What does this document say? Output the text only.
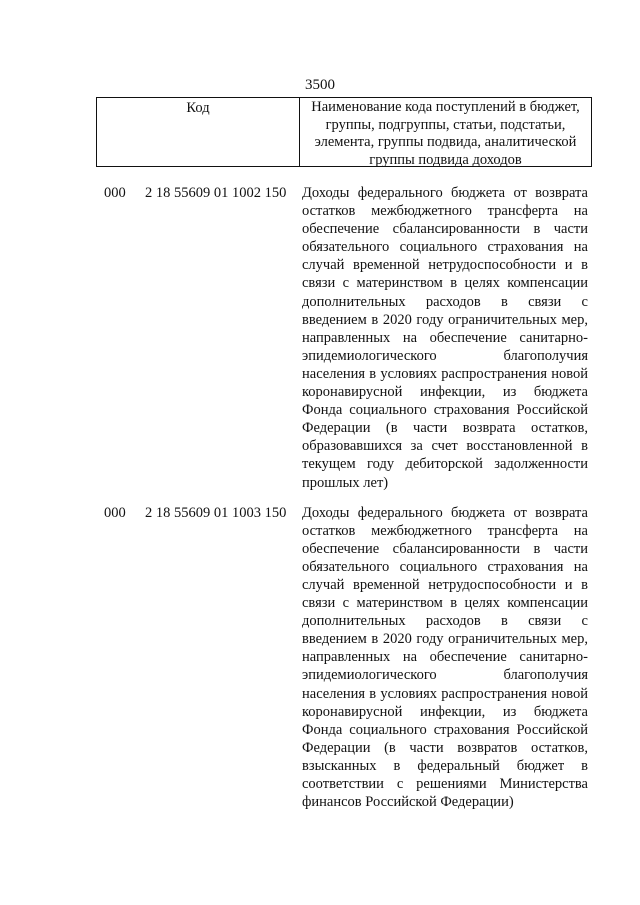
3500
Код	Наименование кода поступлений в бюджет, группы, подгруппы, статьи, подстатьи, элемента, группы подвида, аналитической группы подвида доходов
000 2 18 55609 01 1002 150 Доходы федерального бюджета от возврата остатков межбюджетного трансферта на обеспечение сбалансированности в части обязательного социального страхования на случай временной нетрудоспособности и в связи с материнством в целях компенсации дополнительных расходов в связи с введением в 2020 году ограничительных мер, направленных на обеспечение санитарно-эпидемиологического благополучия населения в условиях распространения новой коронавирусной инфекции, из бюджета Фонда социального страхования Российской Федерации (в части возврата остатков, образовавшихся за счет восстановленной в текущем году дебиторской задолженности прошлых лет)
000 2 18 55609 01 1003 150 Доходы федерального бюджета от возврата остатков межбюджетного трансферта на обеспечение сбалансированности в части обязательного социального страхования на случай временной нетрудоспособности и в связи с материнством в целях компенсации дополнительных расходов в связи с введением в 2020 году ограничительных мер, направленных на обеспечение санитарно-эпидемиологического благополучия населения в условиях распространения новой коронавирусной инфекции, из бюджета Фонда социального страхования Российской Федерации (в части возвратов остатков, взысканных в федеральный бюджет в соответствии с решениями Министерства финансов Российской Федерации)
